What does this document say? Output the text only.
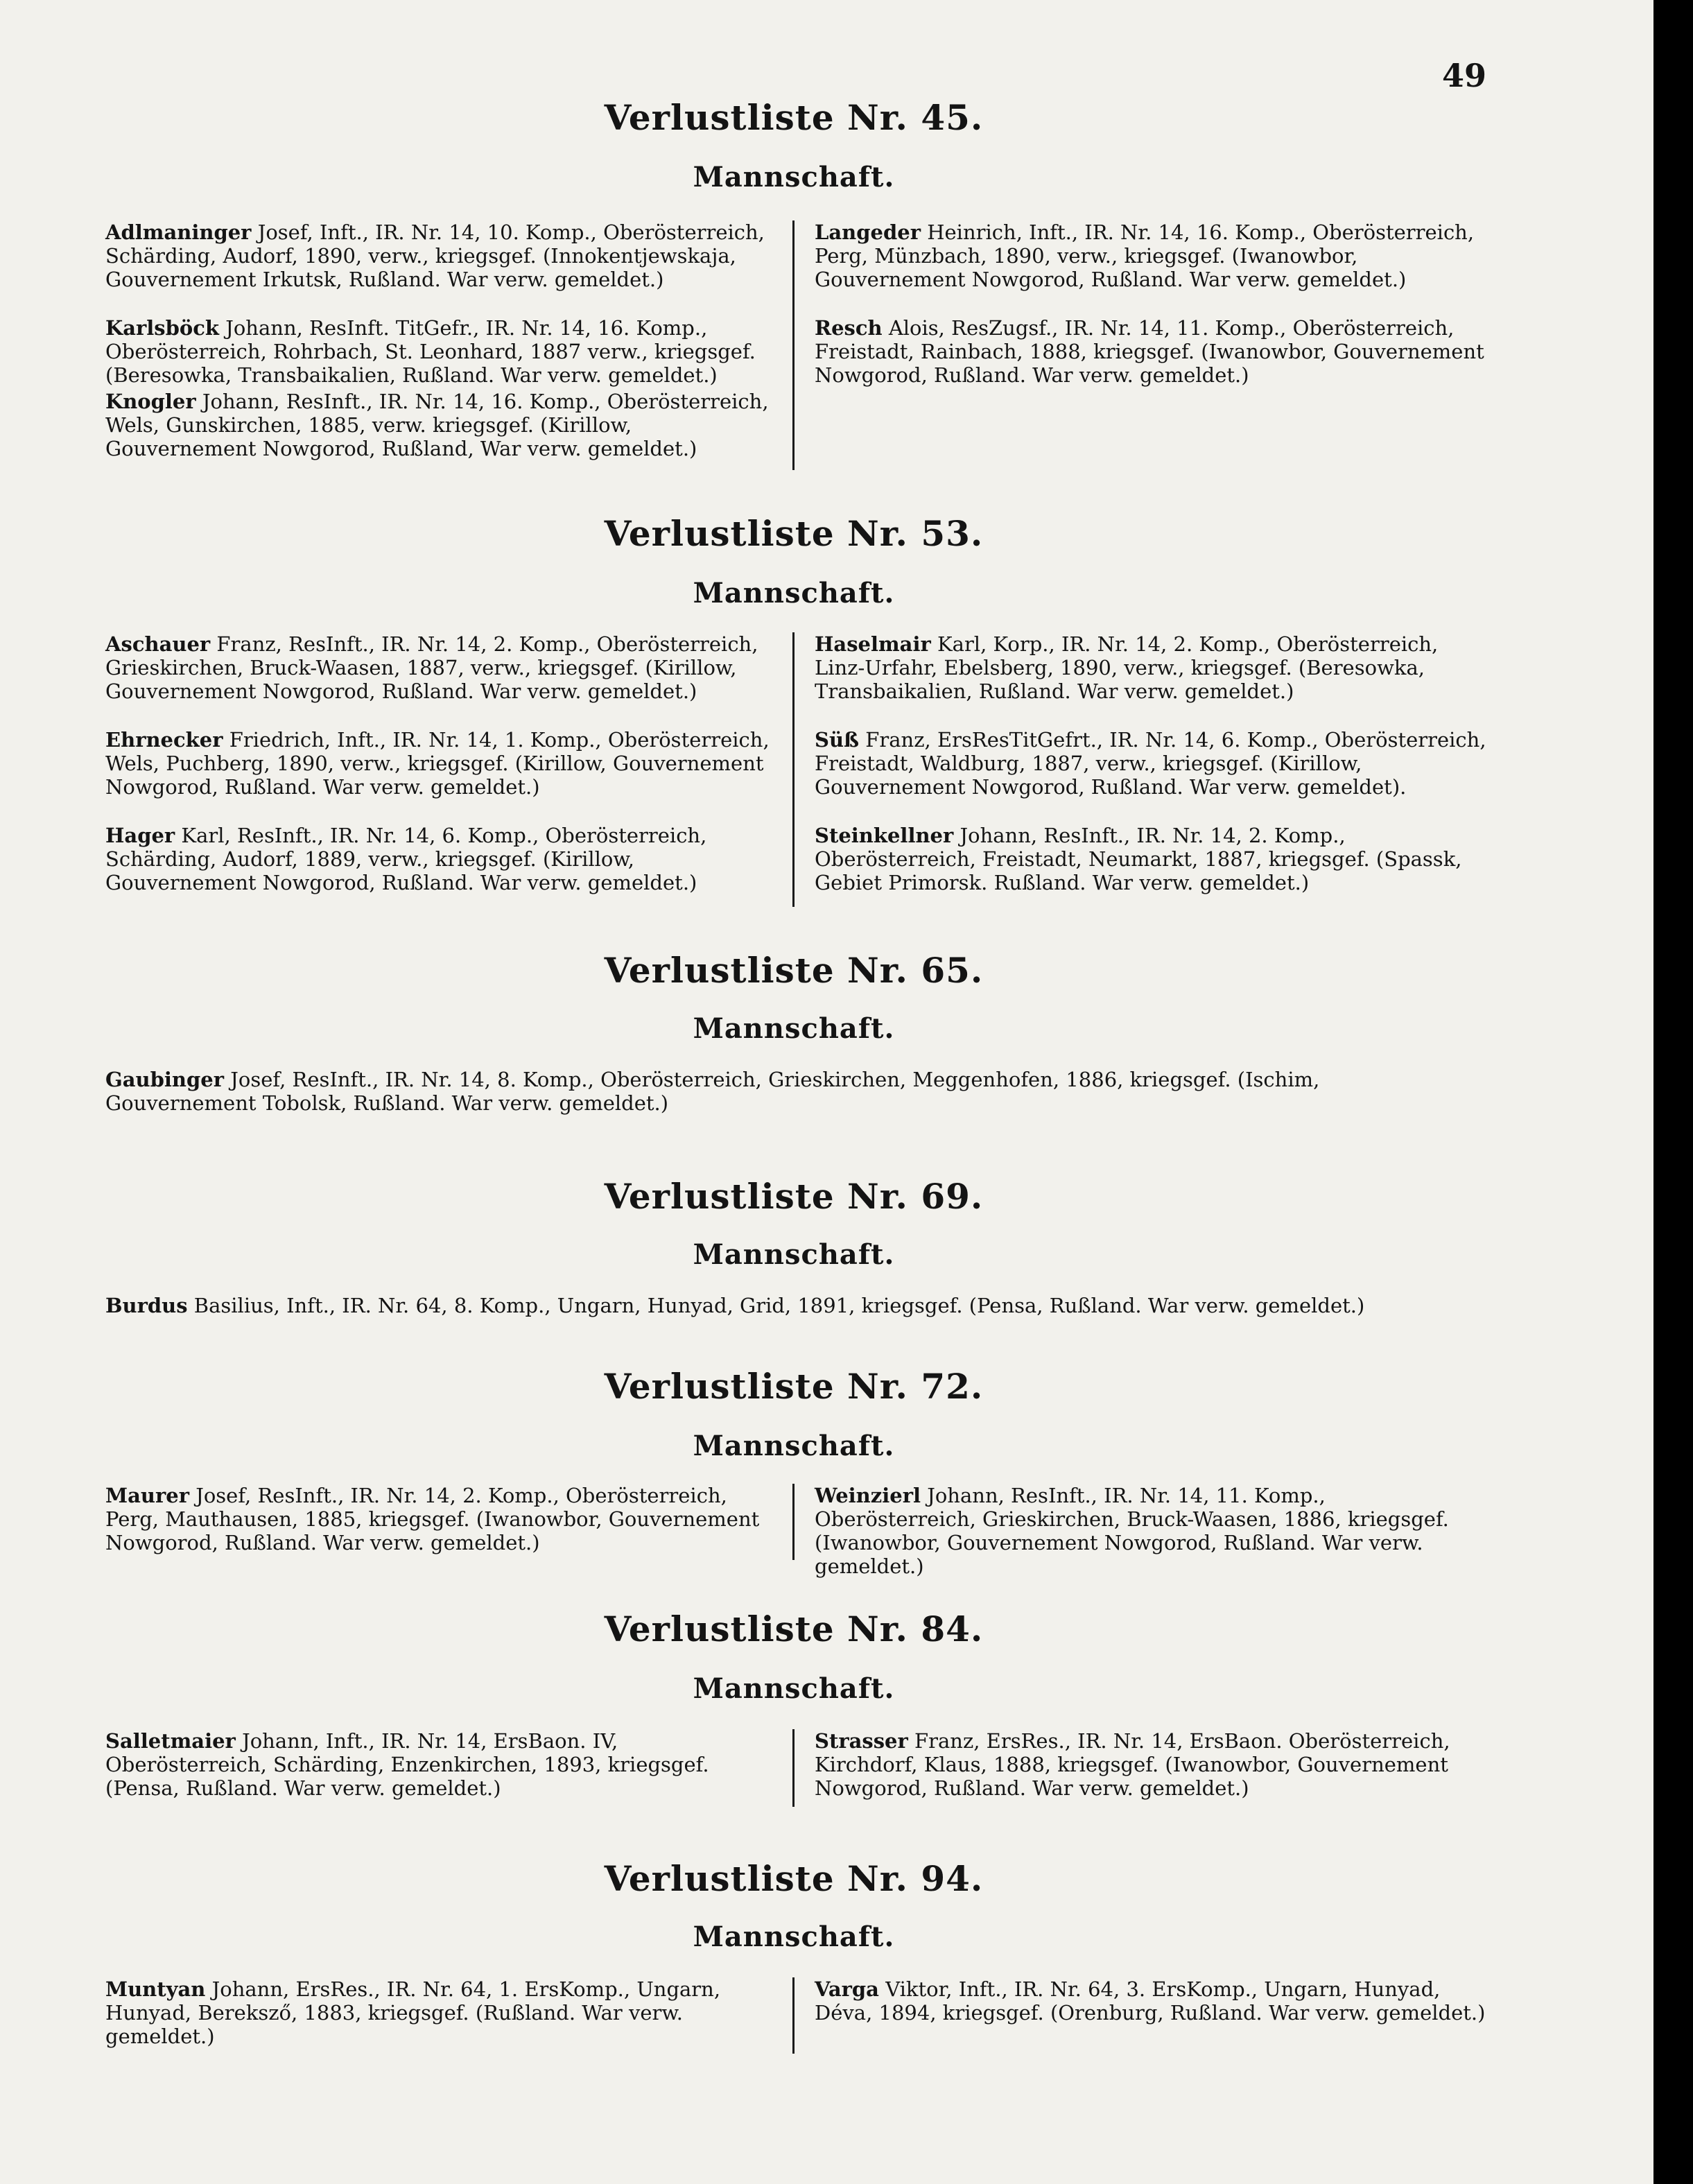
49
Verlustliste Nr. 45.
Mannschaft.

Adlmaninger Josef, Inft., IR. Nr. 14, 10. Komp., Oberösterreich, Schärding, Audorf, 1890, verw., kriegsgef. (Innokentjewskaja, Gouvernement Irkutsk, Rußland. War verw. gemeldet.)

Karlsböck Johann, ResInft. TitGefr., IR. Nr. 14, 16. Komp., Oberösterreich, Rohrbach, St. Leonhard, 1887 verw., kriegsgef. (Beresowka, Transbaikalien, Rußland. War verw. gemeldet.)

Knogler Johann, ResInft., IR. Nr. 14, 16. Komp., Oberösterreich, Wels, Gunskirchen, 1885, verw. kriegsgef. (Kirillow, Gouvernement Nowgorod, Rußland, War verw. gemeldet.)

Langeder Heinrich, Inft., IR. Nr. 14, 16. Komp., Oberösterreich, Perg, Münzbach, 1890, verw., kriegsgef. (Iwanowbor, Gouvernement Nowgorod, Rußland. War verw. gemeldet.)

Resch Alois, ResZugsf., IR. Nr. 14, 11. Komp., Oberösterreich, Freistadt, Rainbach, 1888, kriegsgef. (Iwanowbor, Gouvernement Nowgorod, Rußland. War verw. gemeldet.)

Verlustliste Nr. 53.
Mannschaft.

Aschauer Franz, ResInft., IR. Nr. 14, 2. Komp., Oberösterreich, Grieskirchen, Bruck-Waasen, 1887, verw., kriegsgef. (Kirillow, Gouvernement Nowgorod, Rußland. War verw. gemeldet.)

Ehrnecker Friedrich, Inft., IR. Nr. 14, 1. Komp., Oberösterreich, Wels, Puchberg, 1890, verw., kriegsgef. (Kirillow, Gouvernement Nowgorod, Rußland. War verw. gemeldet.)

Hager Karl, ResInft., IR. Nr. 14, 6. Komp., Oberösterreich, Schärding, Audorf, 1889, verw., kriegsgef. (Kirillow, Gouvernement Nowgorod, Rußland. War verw. gemeldet.)

Haselmair Karl, Korp., IR. Nr. 14, 2. Komp., Oberösterreich, Linz-Urfahr, Ebelsberg, 1890, verw., kriegsgef. (Beresowka, Transbaikalien, Rußland. War verw. gemeldet.)

Süß Franz, ErsResTitGefrt., IR. Nr. 14, 6. Komp., Oberösterreich, Freistadt, Waldburg, 1887, verw., kriegsgef. (Kirillow, Gouvernement Nowgorod, Rußland. War verw. gemeldet).

Steinkellner Johann, ResInft., IR. Nr. 14, 2. Komp., Oberösterreich, Freistadt, Neumarkt, 1887, kriegsgef. (Spassk, Gebiet Primorsk. Rußland. War verw. gemeldet.)

Verlustliste Nr. 65.
Mannschaft.

Gaubinger Josef, ResInft., IR. Nr. 14, 8. Komp., Oberösterreich, Grieskirchen, Meggenhofen, 1886, kriegsgef. (Ischim, Gouvernement Tobolsk, Rußland. War verw. gemeldet.)

Verlustliste Nr. 69.
Mannschaft.

Burdus Basilius, Inft., IR. Nr. 64, 8. Komp., Ungarn, Hunyad, Grid, 1891, kriegsgef. (Pensa, Rußland. War verw. gemeldet.)

Verlustliste Nr. 72.
Mannschaft.

Maurer Josef, ResInft., IR. Nr. 14, 2. Komp., Oberösterreich, Perg, Mauthausen, 1885, kriegsgef. (Iwanowbor, Gouvernement Nowgorod, Rußland. War verw. gemeldet.)

Weinzierl Johann, ResInft., IR. Nr. 14, 11. Komp., Oberösterreich, Grieskirchen, Bruck-Waasen, 1886, kriegsgef. (Iwanowbor, Gouvernement Nowgorod, Rußland. War verw. gemeldet.)

Verlustliste Nr. 84.
Mannschaft.

Salletmaier Johann, Inft., IR. Nr. 14, ErsBaon. IV, Oberösterreich, Schärding, Enzenkirchen, 1893, kriegsgef. (Pensa, Rußland. War verw. gemeldet.)

Strasser Franz, ErsRes., IR. Nr. 14, ErsBaon. Oberösterreich, Kirchdorf, Klaus, 1888, kriegsgef. (Iwanowbor, Gouvernement Nowgorod, Rußland. War verw. gemeldet.)

Verlustliste Nr. 94.
Mannschaft.

Muntyan Johann, ErsRes., IR. Nr. 64, 1. ErsKomp., Ungarn, Hunyad, Bereksző, 1883, kriegsgef. (Rußland. War verw. gemeldet.)

Varga Viktor, Inft., IR. Nr. 64, 3. ErsKomp., Ungarn, Hunyad, Déva, 1894, kriegsgef. (Orenburg, Rußland. War verw. gemeldet.)
